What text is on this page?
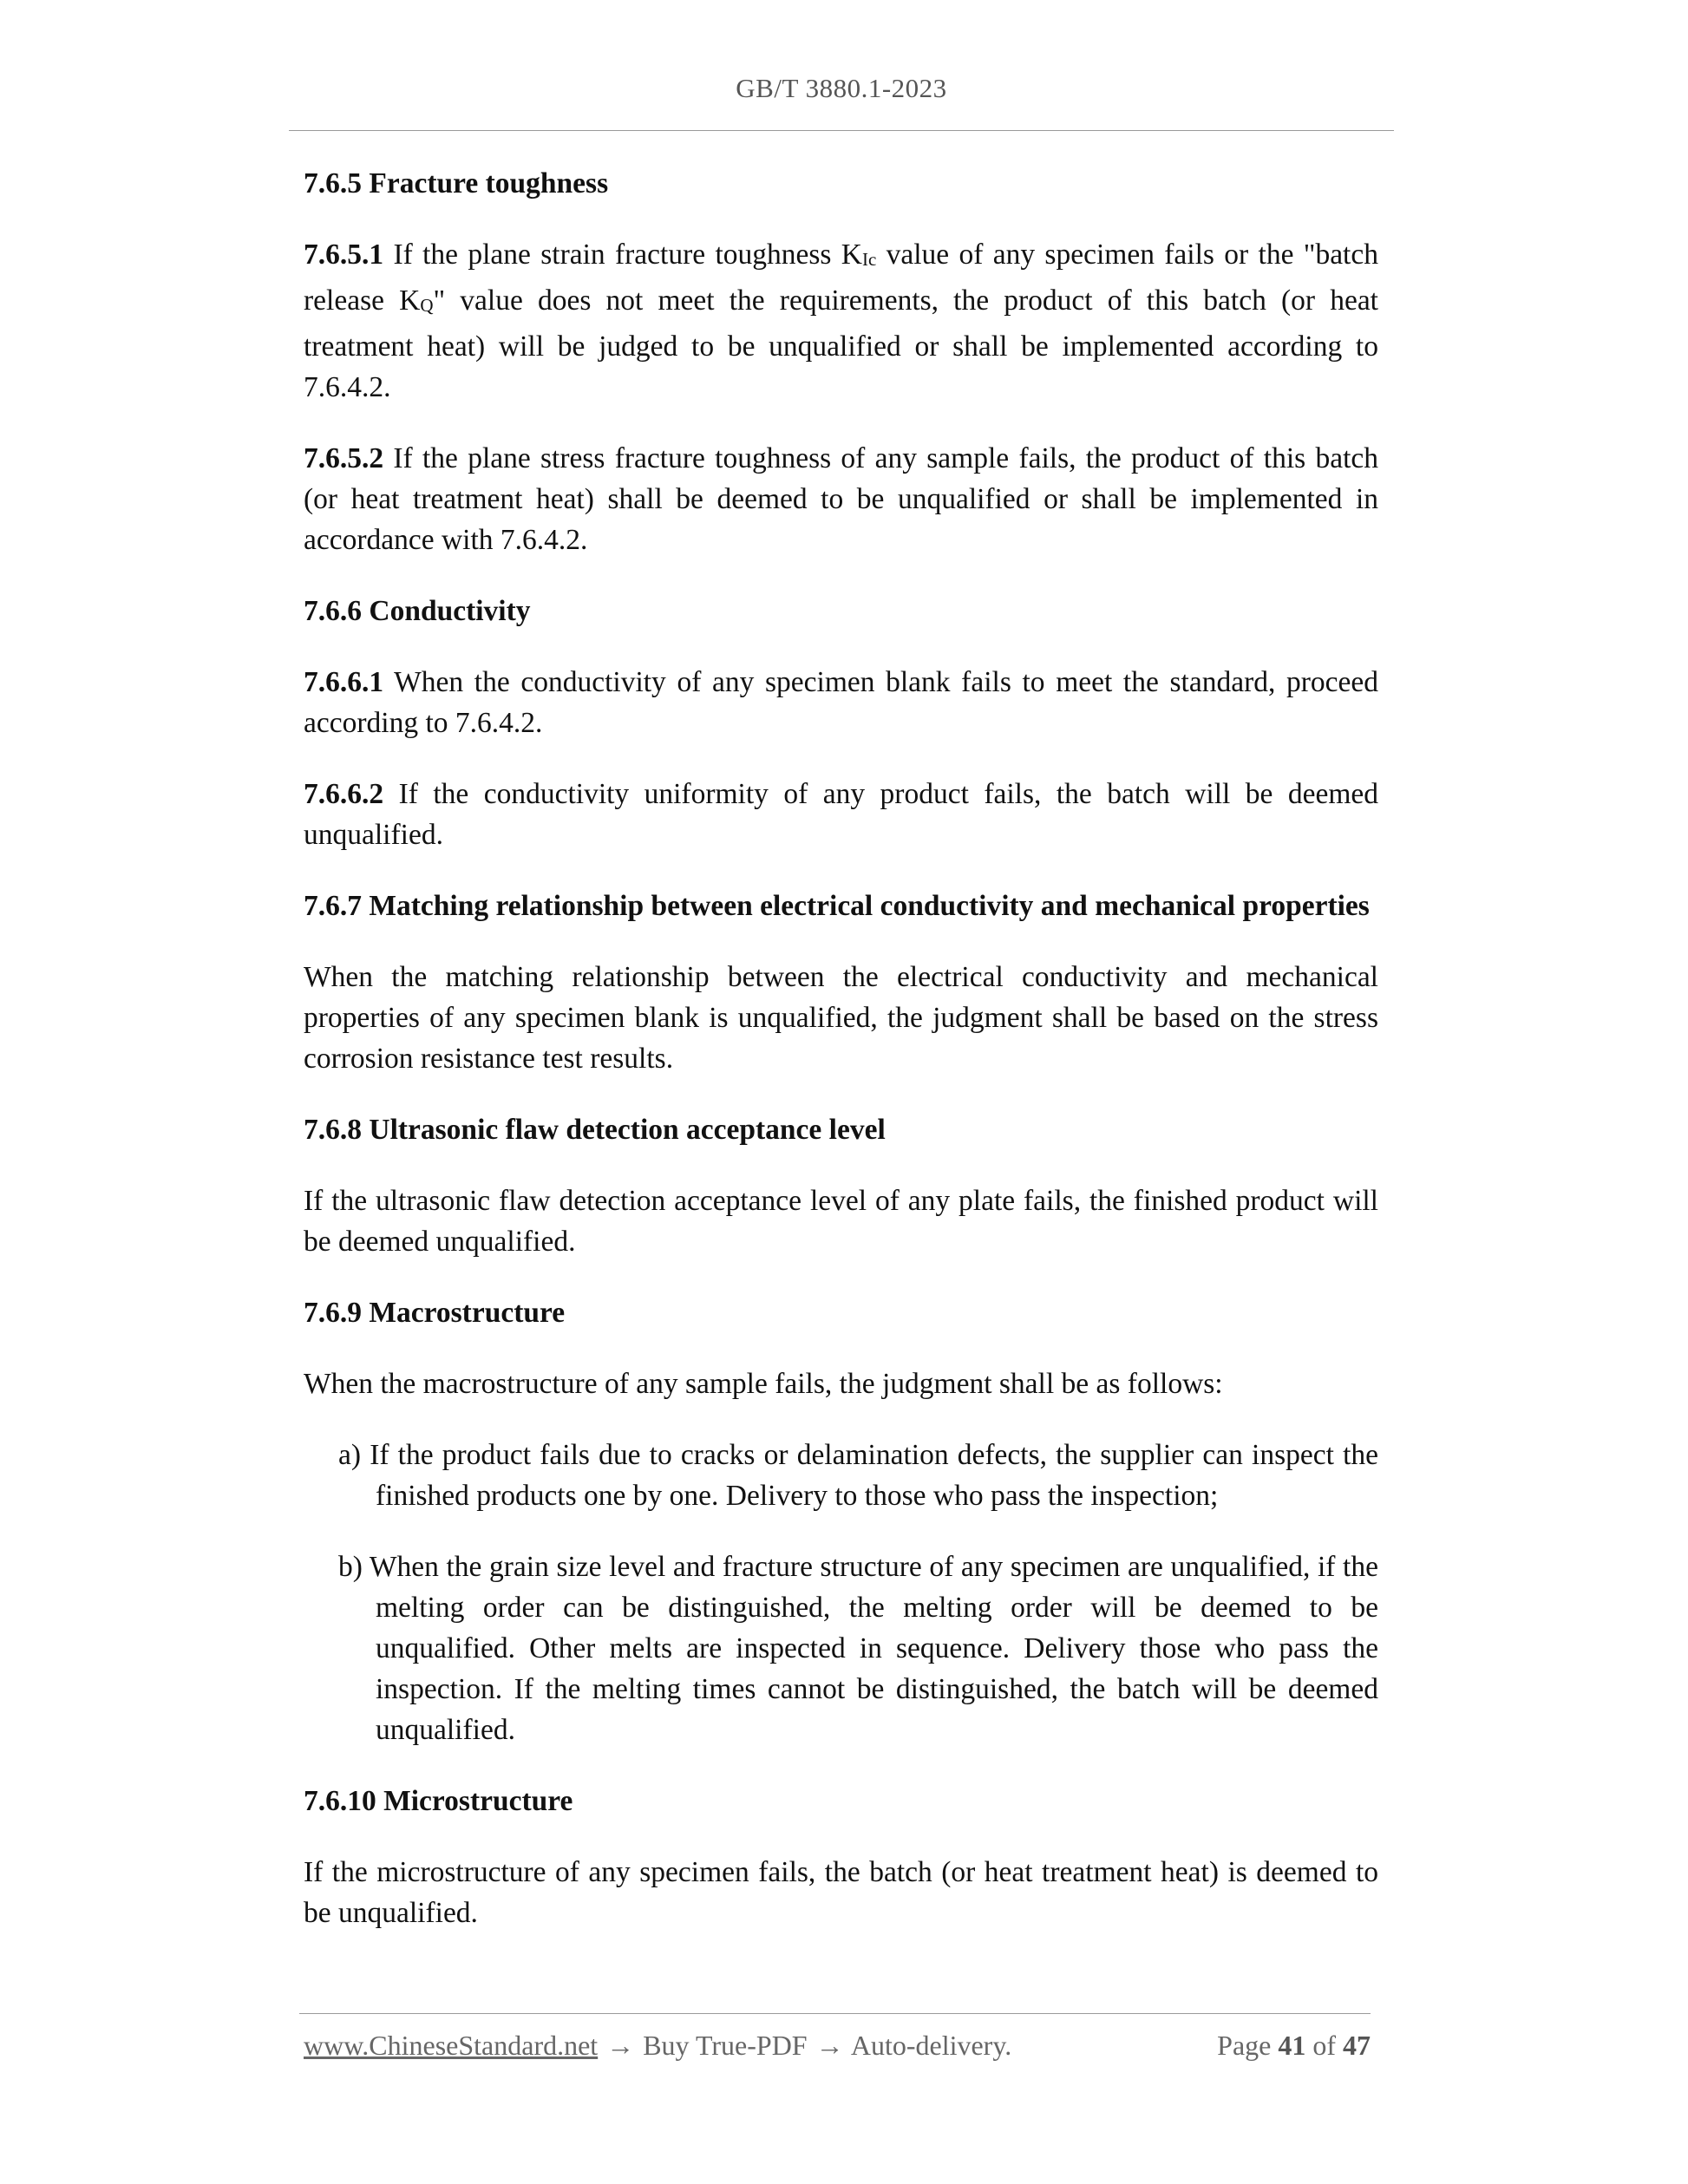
GB/T 3880.1-2023
7.6.5 Fracture toughness

7.6.5.1 If the plane strain fracture toughness KIc value of any specimen fails or the "batch release KQ" value does not meet the requirements, the product of this batch (or heat treatment heat) will be judged to be unqualified or shall be implemented according to 7.6.4.2.

7.6.5.2 If the plane stress fracture toughness of any sample fails, the product of this batch (or heat treatment heat) shall be deemed to be unqualified or shall be implemented in accordance with 7.6.4.2.

7.6.6 Conductivity

7.6.6.1 When the conductivity of any specimen blank fails to meet the standard, proceed according to 7.6.4.2.

7.6.6.2 If the conductivity uniformity of any product fails, the batch will be deemed unqualified.

7.6.7 Matching relationship between electrical conductivity and mechanical properties

When the matching relationship between the electrical conductivity and mechanical properties of any specimen blank is unqualified, the judgment shall be based on the stress corrosion resistance test results.

7.6.8 Ultrasonic flaw detection acceptance level

If the ultrasonic flaw detection acceptance level of any plate fails, the finished product will be deemed unqualified.

7.6.9 Macrostructure

When the macrostructure of any sample fails, the judgment shall be as follows:

a) If the product fails due to cracks or delamination defects, the supplier can inspect the finished products one by one. Delivery to those who pass the inspection;

b) When the grain size level and fracture structure of any specimen are unqualified, if the melting order can be distinguished, the melting order will be deemed to be unqualified. Other melts are inspected in sequence. Delivery those who pass the inspection. If the melting times cannot be distinguished, the batch will be deemed unqualified.

7.6.10 Microstructure

If the microstructure of any specimen fails, the batch (or heat treatment heat) is deemed to be unqualified.

www.ChineseStandard.net → Buy True-PDF → Auto-delivery.	Page 41 of 47
